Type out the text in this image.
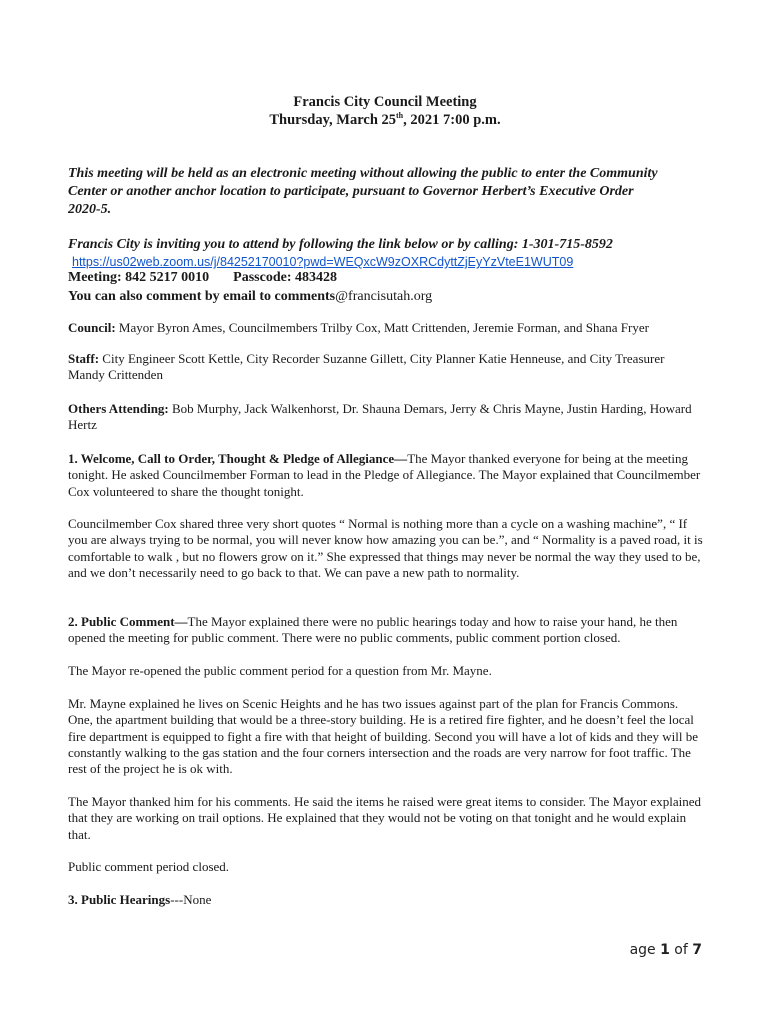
Francis City Council Meeting
Thursday, March 25th, 2021 7:00 p.m.
This meeting will be held as an electronic meeting without allowing the public to enter the Community Center or another anchor location to participate, pursuant to Governor Herbert’s Executive Order 2020-5.
Francis City is inviting you to attend by following the link below or by calling: 1-301-715-8592
https://us02web.zoom.us/j/84252170010?pwd=WEQxcW9zOXRCdyttZjEyYzVteE1WUT09
Meeting: 842 5217 0010 Passcode: 483428
You can also comment by email to comments@francisutah.org
Council: Mayor Byron Ames, Councilmembers Trilby Cox, Matt Crittenden, Jeremie Forman, and Shana Fryer
Staff: City Engineer Scott Kettle, City Recorder Suzanne Gillett, City Planner Katie Henneuse, and City Treasurer Mandy Crittenden
Others Attending: Bob Murphy, Jack Walkenhorst, Dr. Shauna Demars, Jerry & Chris Mayne, Justin Harding, Howard Hertz
1. Welcome, Call to Order, Thought & Pledge of Allegiance—The Mayor thanked everyone for being at the meeting tonight. He asked Councilmember Forman to lead in the Pledge of Allegiance. The Mayor explained that Councilmember Cox volunteered to share the thought tonight.
Councilmember Cox shared three very short quotes “ Normal is nothing more than a cycle on a washing machine”, “ If you are always trying to be normal, you will never know how amazing you can be.”, and “ Normality is a paved road, it is comfortable to walk , but no flowers grow on it.” She expressed that things may never be normal the way they used to be, and we don’t necessarily need to go back to that. We can pave a new path to normality.
2. Public Comment—The Mayor explained there were no public hearings today and how to raise your hand, he then opened the meeting for public comment. There were no public comments, public comment portion closed.
The Mayor re-opened the public comment period for a question from Mr. Mayne.
Mr. Mayne explained he lives on Scenic Heights and he has two issues against part of the plan for Francis Commons. One, the apartment building that would be a three-story building. He is a retired fire fighter, and he doesn’t feel the local fire department is equipped to fight a fire with that height of building. Second you will have a lot of kids and they will be constantly walking to the gas station and the four corners intersection and the roads are very narrow for foot traffic. The rest of the project he is ok with.
The Mayor thanked him for his comments. He said the items he raised were great items to consider. The Mayor explained that they are working on trail options. He explained that they would not be voting on that tonight and he would explain that.
Public comment period closed.
3. Public Hearings---None
age 1 of 7
